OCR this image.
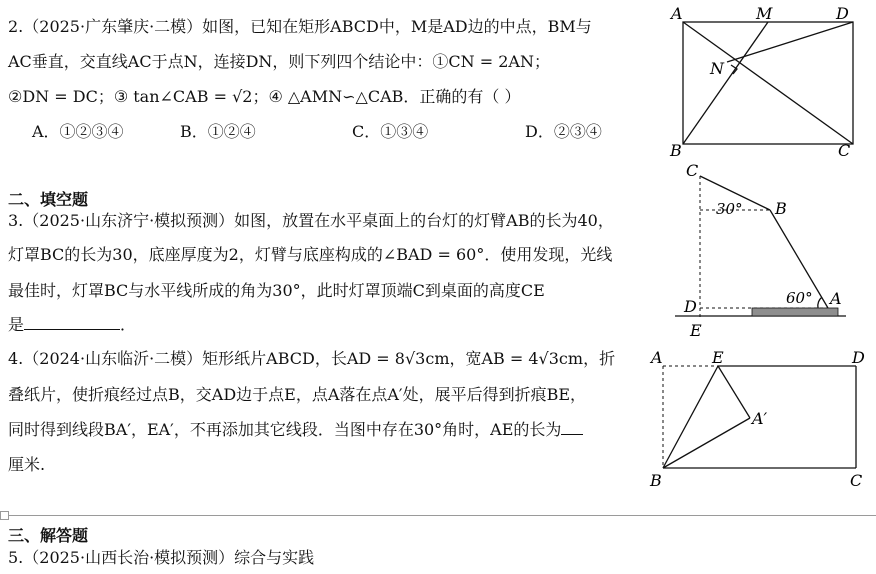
2.（2025·广东肇庆·二模）如图，已知在矩形ABCD中，M是AD边的中点，BM与
AC垂直，交直线AC于点N，连接DN，则下列四个结论中：①CN = 2AN；
②DN = DC；③ tan∠CAB = √2；④ △AMN∽△CAB．正确的有（ ）
A．①②③④	B．①②④	C．①③④	D．②③④
A	M	D
N
B	C
二、填空题
3.（2025·山东济宁·模拟预测）如图，放置在水平桌面上的台灯的灯臂AB的长为40，
灯罩BC的长为30，底座厚度为2，灯臂与底座构成的∠BAD = 60°．使用发现，光线
最佳时，灯罩BC与水平线所成的角为30°，此时灯罩顶端C到桌面的高度CE
是	．
C
B
30°
60°
D	A
E
4.（2024·山东临沂·二模）矩形纸片ABCD，长AD = 8√3cm，宽AB = 4√3cm，折
叠纸片，使折痕经过点B，交AD边于点E，点A落在点A′处，展平后得到折痕BE，
同时得到线段BA′，EA′，不再添加其它线段．当图中存在30°角时，AE的长为
厘米.
A	E	D
A′
B	C
三、解答题
5.（2025·山西长治·模拟预测）综合与实践
